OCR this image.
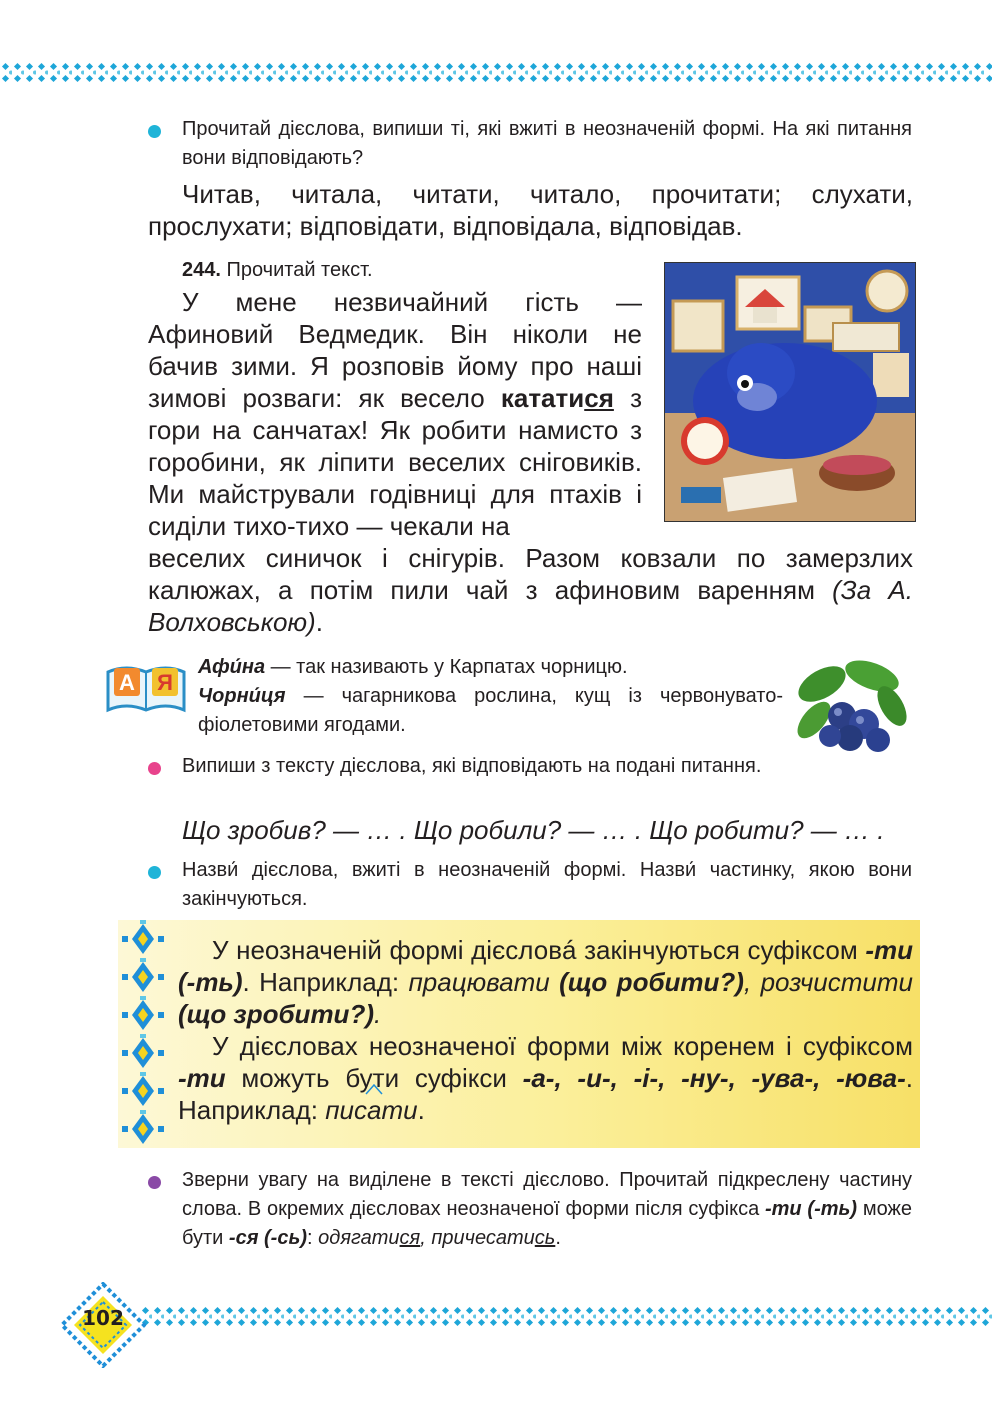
Прочитай дієслова, випиши ті, які вжиті в неозначеній формі. На які питання вони відповідають?

Читав, читала, читати, читало, прочитати; слухати, прослухати; відповідати, відповідала, відповідав.

244. Прочитай текст.

У мене незвичайний гість — Афиновий Ведмедик. Він ніколи не бачив зими. Я розповів йому про наші зимові розваги: як весело кататися з гори на санчатах! Як робити намисто з горобини, як ліпити веселих сніговиків. Ми майстрували годівниці для птахів і сиділи тихо-тихо — чекали на

веселих синичок і снігурів. Разом ковзали по замерзлих калюжах, а потім пили чай з афиновим варенням (За А. Волховською).

А Я

Афи́на — так називають у Карпатах чорницю.
Чорни́ця — чагарникова рослина, кущ із червонувато-фіолетовими ягодами.

Випиши з тексту дієслова, які відповідають на подані питання.

Що зробив? — … . Що робили? — … . Що робити? — … .

Назви́ дієслова, вжиті в неозначеній формі. Назви́ частинку, якою вони закінчуються.

У неозначеній формі дієсловá закінчуються суфіксом -ти (-ть). Наприклад: працювати (що робити?), розчистити (що зробити?).
У дієсловах неозначеної форми між коренем і суфіксом -ти можуть бути суфікси -а-, -и-, -і-, -ну-, -ува-, -юва-. Наприклад: писа
ти.

Зверни увагу на виділене в тексті дієслово. Прочитай підкреслену частину слова. В окремих дієсловах неозначеної форми після суфікса -ти (-ть) може бути -ся (-сь): одягатися, причесатись.

102
